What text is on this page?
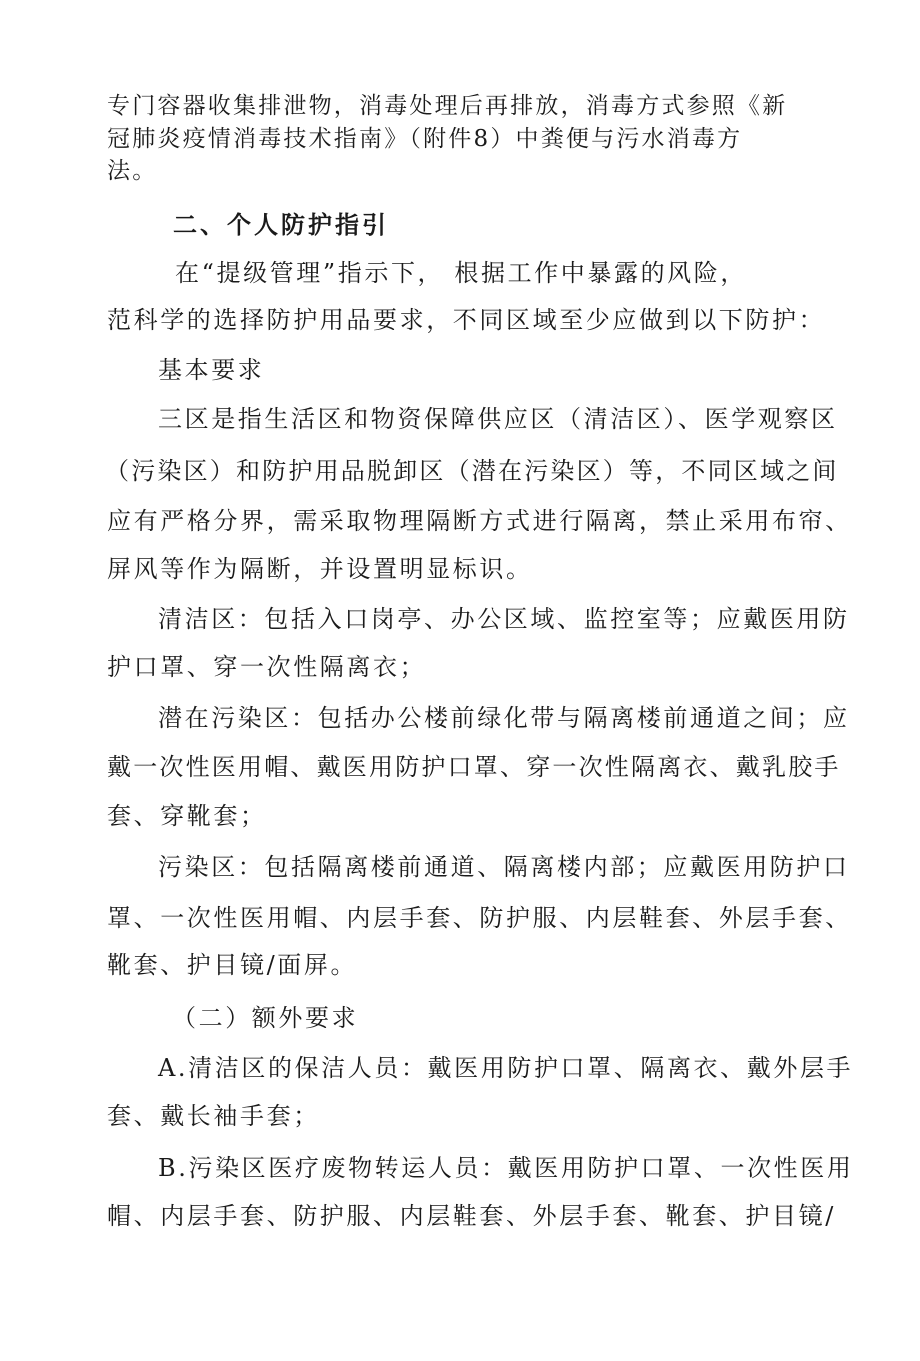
专门容器收集排泄物，消毒处理后再排放，消毒方式参照《新
冠肺炎疫情消毒技术指南》（附件8）中粪便与污水消毒方
法。
二、个人防护指引
在“提级管理”指示下， 根据工作中暴露的风险，
范科学的选择防护用品要求，不同区域至少应做到以下防护：
基本要求
三区是指生活区和物资保障供应区（清洁区）、医学观察区
（污染区）和防护用品脱卸区（潜在污染区）等，不同区域之间
应有严格分界，需采取物理隔断方式进行隔离，禁止采用布帘、
屏风等作为隔断，并设置明显标识。
清洁区：包括入口岗亭、办公区域、监控室等；应戴医用防
护口罩、穿一次性隔离衣；
潜在污染区：包括办公楼前绿化带与隔离楼前通道之间；应
戴一次性医用帽、戴医用防护口罩、穿一次性隔离衣、戴乳胶手
套、穿靴套；
污染区：包括隔离楼前通道、隔离楼内部；应戴医用防护口
罩、一次性医用帽、内层手套、防护服、内层鞋套、外层手套、
靴套、护目镜/面屏。
（二）额外要求
A.清洁区的保洁人员：戴医用防护口罩、隔离衣、戴外层手
套、戴长袖手套；
B.污染区医疗废物转运人员：戴医用防护口罩、一次性医用
帽、内层手套、防护服、内层鞋套、外层手套、靴套、护目镜/
